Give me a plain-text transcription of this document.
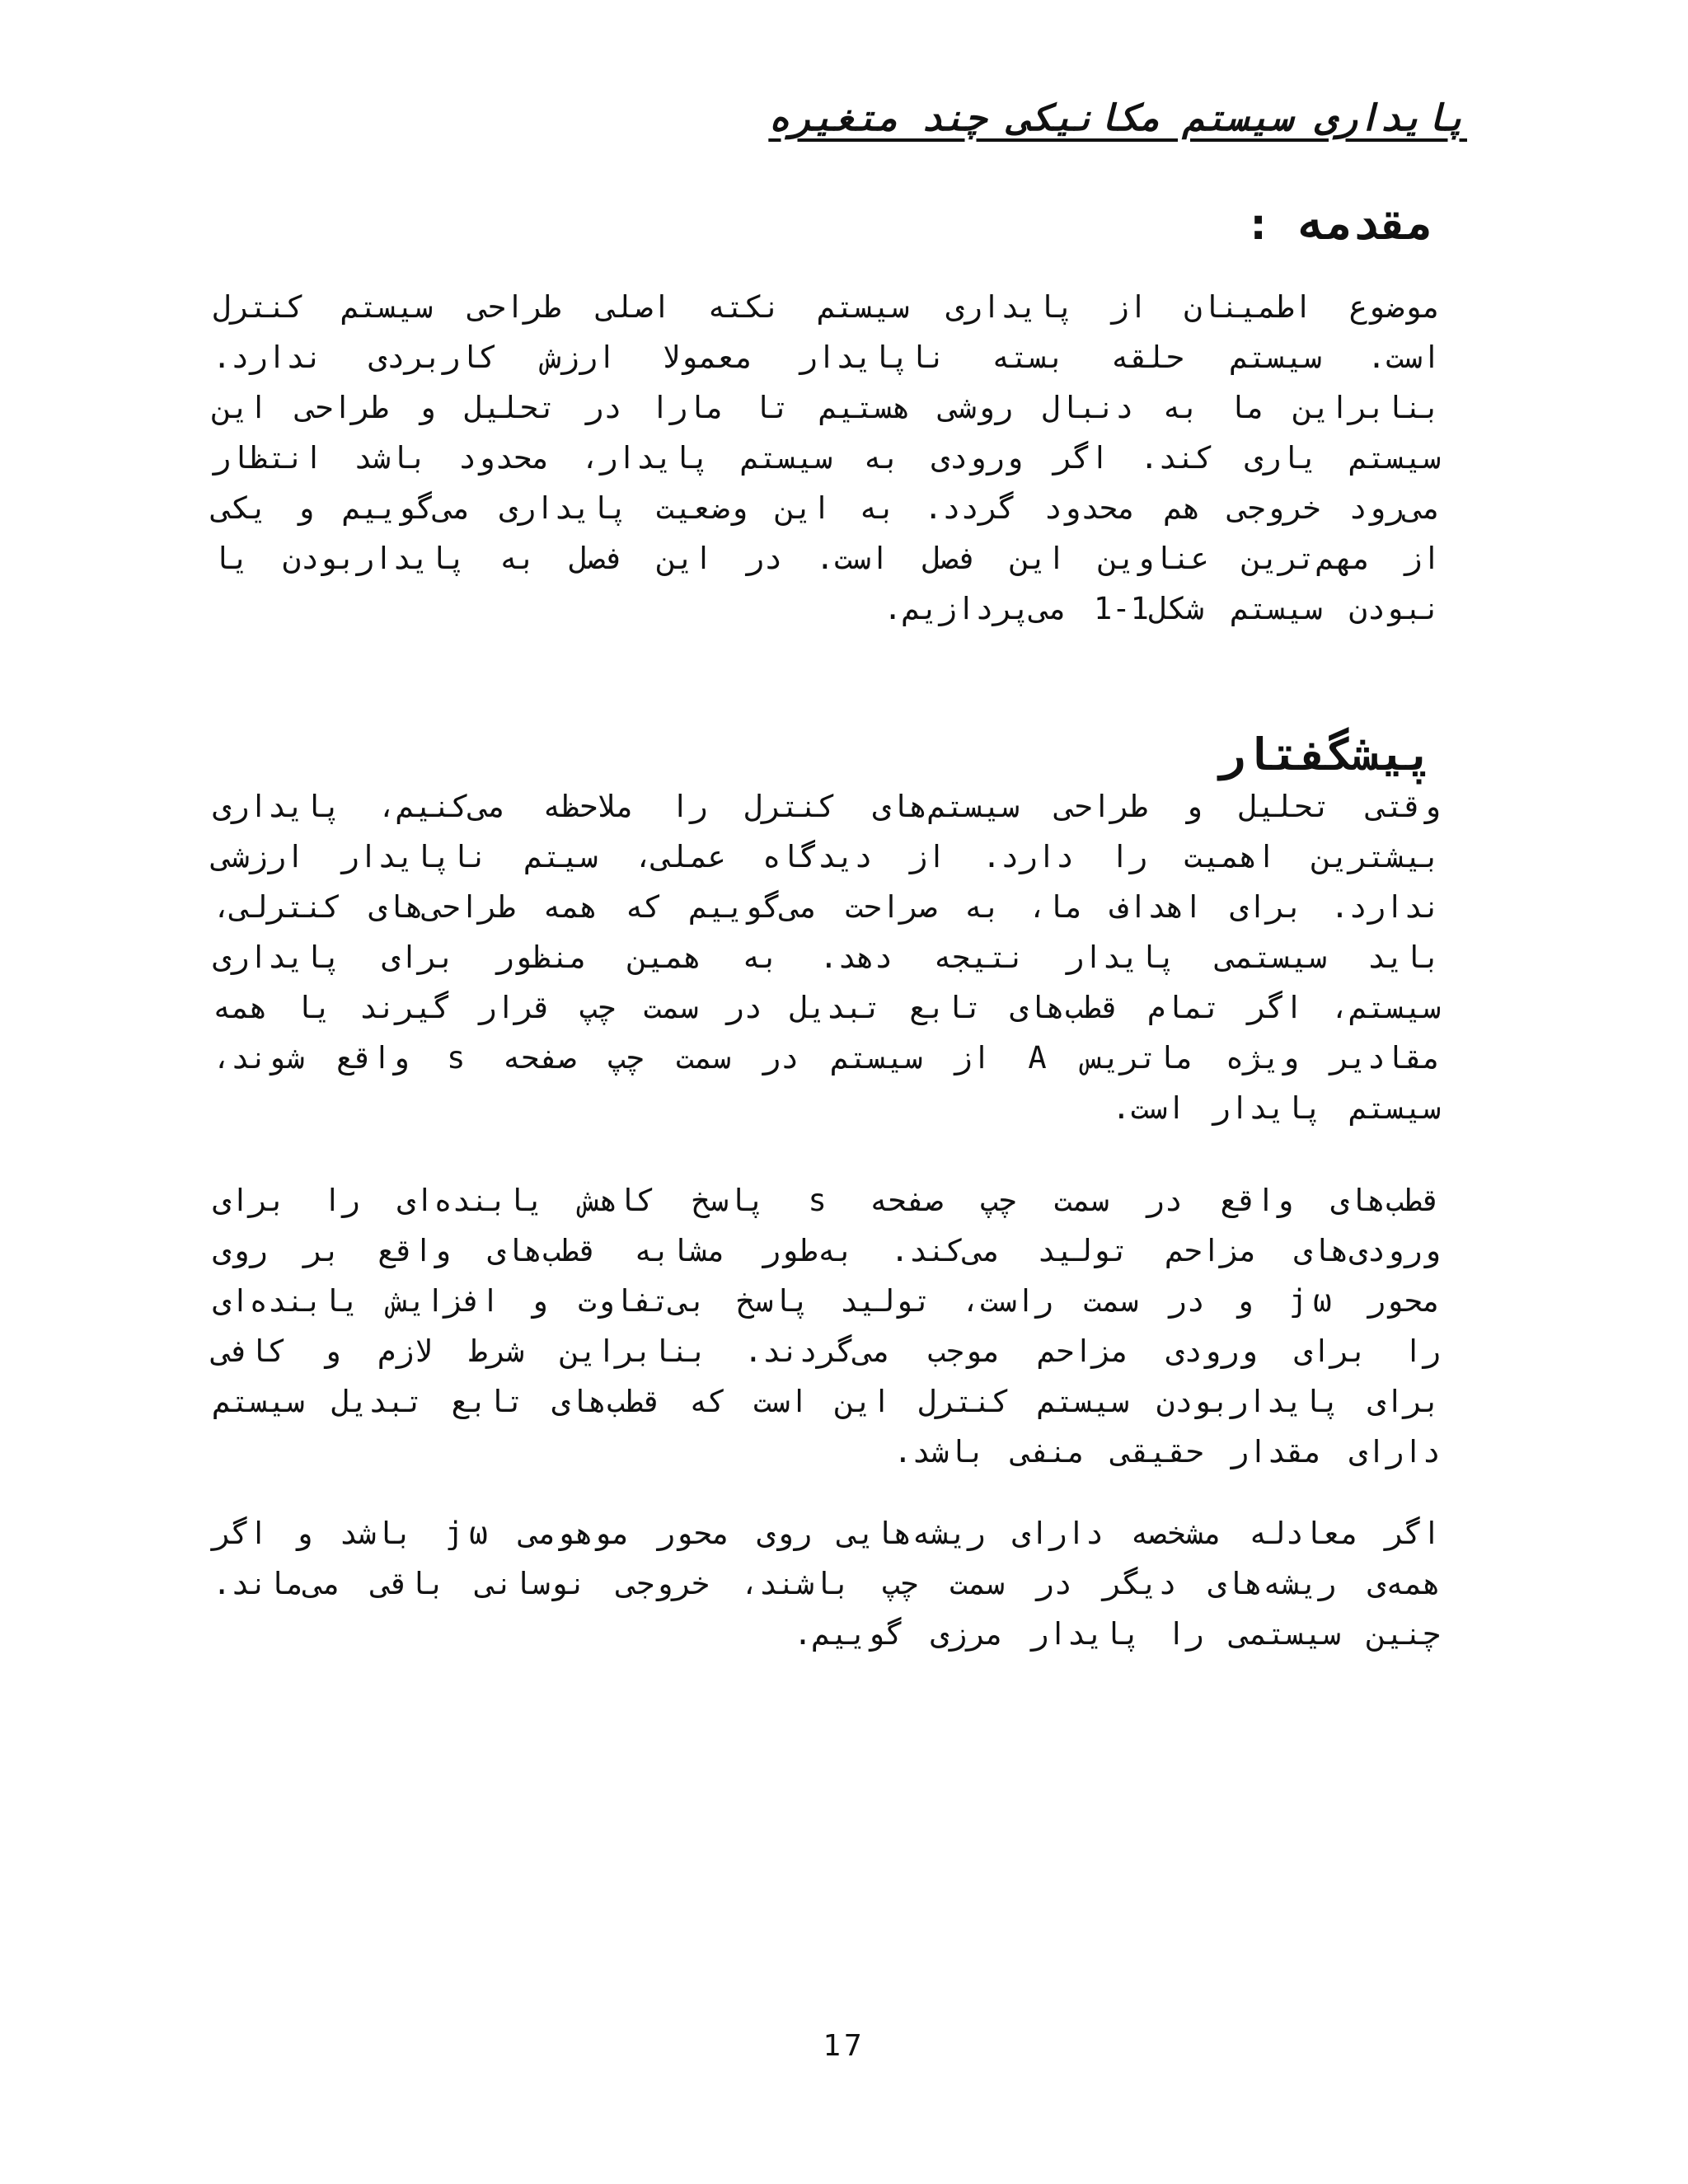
پایداری سیستم مکانیکی چند متغیره
مقدمه :
موضوع اطمینان از پایداری سیستم نکته اصلی طراحی سیستم کنترل است. سیستم حلقه بسته ناپایدار معمولا ارزش کاربردی ندارد. بنابراین ما به دنبال روشی هستیم تا مارا در تحلیل و طراحی این سیستم یاری کند. اگر ورودی به سیستم پایدار، محدود باشد انتظار می‌رود خروجی هم محدود گردد. به این وضعیت پایداری می‌گوییم و یکی از مهم‌ترین عناوین این فصل است. در این فصل به پایداربودن یا نبودن سیستم شکل1-1 می‌پردازیم.
پیشگفتار
وقتی تحلیل و طراحی سیستم‌های کنترل را ملاحظه می‌کنیم، پایداری بیشترین اهمیت را دارد. از دیدگاه عملی، سیتم ناپایدار ارزشی ندارد. برای اهداف ما، به صراحت می‌گوییم که همه طراحی‌های کنترلی، باید سیستمی پایدار نتیجه دهد. به همین منظور برای پایداری سیستم، اگر تمام قطب‌های تابع تبدیل در سمت چپ قرار گیرند یا همه مقادیر ویژه ماتریس A از سیستم در سمت چپ صفحه s واقع شوند، سیستم پایدار است.
قطب‌های واقع در سمت چپ صفحه s پاسخ کاهش یابنده‌ای را برای ورودی‌های مزاحم تولید می‌کند. به‌طور مشابه قطب‌های واقع بر روی محور jω و در سمت راست، تولید پاسخ بی‌تفاوت و افزایش یابنده‌ای را برای ورودی مزاحم موجب می‌گردند. بنابراین شرط لازم و کافی برای پایداربودن سیستم کنترل این است که قطب‌های تابع تبدیل سیستم دارای مقدار حقیقی منفی باشد.
اگر معادله مشخصه دارای ریشه‌هایی روی محور موهومی jω باشد و اگر همه‌ی ریشه‌های دیگر در سمت چپ باشند، خروجی نوسانی باقی می‌ماند. چنین سیستمی را پایدار مرزی گوییم.
17
